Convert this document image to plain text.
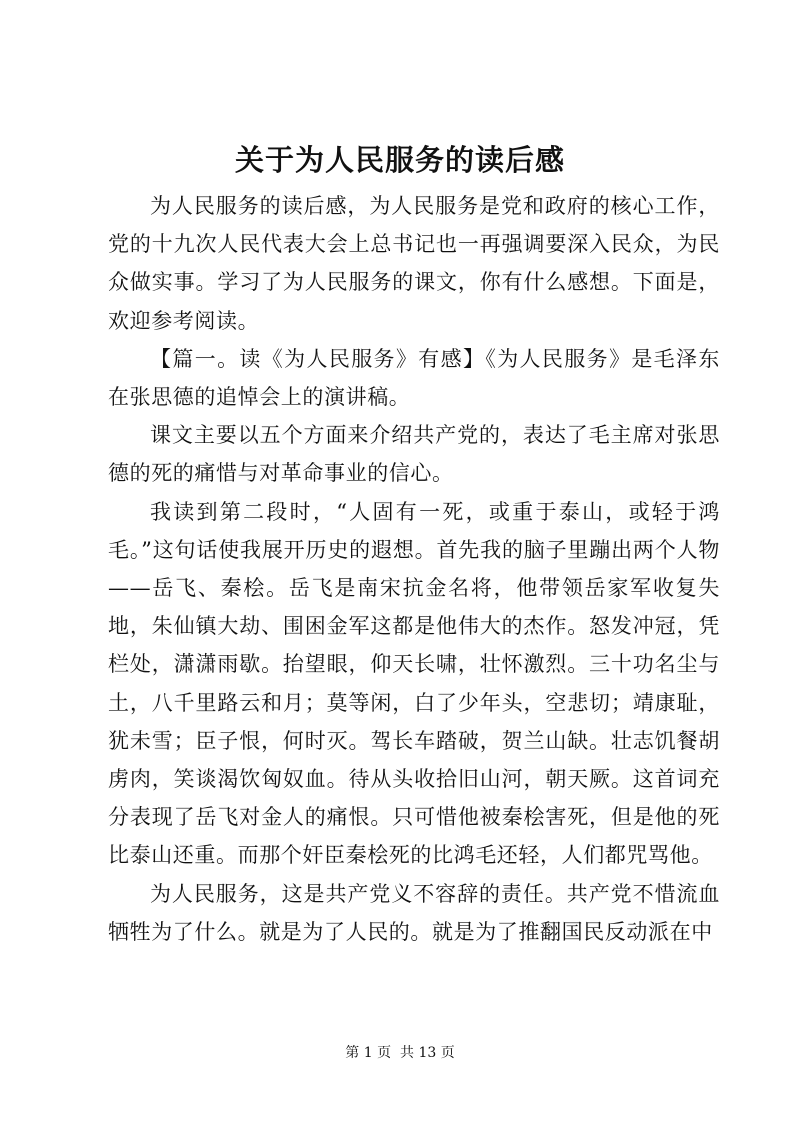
关于为人民服务的读后感

为人民服务的读后感，为人民服务是党和政府的核心工作，党的十九次人民代表大会上总书记也一再强调要深入民众，为民众做实事。学习了为人民服务的课文，你有什么感想。下面是，欢迎参考阅读。

【篇一。读《为人民服务》有感】《为人民服务》是毛泽东在张思德的追悼会上的演讲稿。

课文主要以五个方面来介绍共产党的，表达了毛主席对张思德的死的痛惜与对革命事业的信心。

我读到第二段时，“人固有一死，或重于泰山，或轻于鸿毛。”这句话使我展开历史的遐想。首先我的脑子里蹦出两个人物——岳飞、秦桧。岳飞是南宋抗金名将，他带领岳家军收复失地，朱仙镇大劫、围困金军这都是他伟大的杰作。怒发冲冠，凭栏处，潇潇雨歇。抬望眼，仰天长啸，壮怀激烈。三十功名尘与土，八千里路云和月；莫等闲，白了少年头，空悲切；靖康耻，犹未雪；臣子恨，何时灭。驾长车踏破，贺兰山缺。壮志饥餐胡虏肉，笑谈渴饮匈奴血。待从头收拾旧山河，朝天厥。这首词充分表现了岳飞对金人的痛恨。只可惜他被秦桧害死，但是他的死比泰山还重。而那个奸臣秦桧死的比鸿毛还轻，人们都咒骂他。

为人民服务，这是共产党义不容辞的责任。共产党不惜流血牺牲为了什么。就是为了人民的。就是为了推翻国民反动派在中

第 1 页  共 13 页
